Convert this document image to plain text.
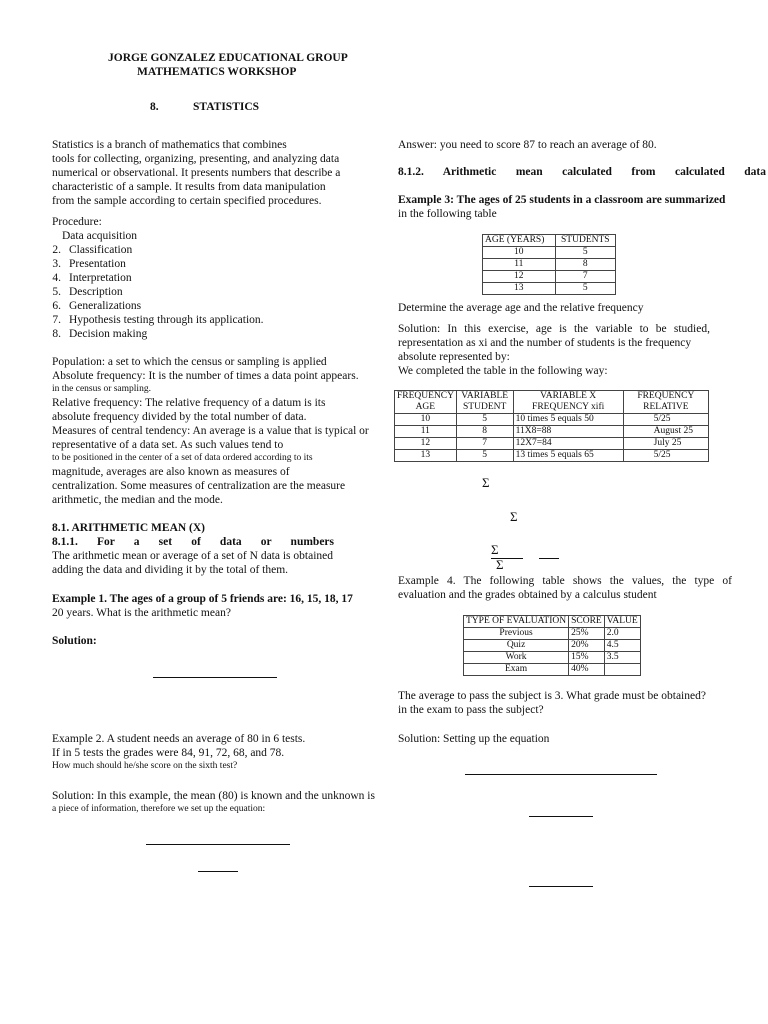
JORGE GONZALEZ EDUCATIONAL GROUP
MATHEMATICS WORKSHOP
8.	STATISTICS
Statistics is a branch of mathematics that combines
tools for collecting, organizing, presenting, and analyzing data
numerical or observational. It presents numbers that describe a
characteristic of a sample. It results from data manipulation
from the sample according to certain specified procedures.
Procedure:
Data acquisition
2. Classification
3. Presentation
4. Interpretation
5. Description
6. Generalizations
7. Hypothesis testing through its application.
8. Decision making
Population: a set to which the census or sampling is applied
Absolute frequency: It is the number of times a data point appears.
in the census or sampling.
Relative frequency: The relative frequency of a datum is its
absolute frequency divided by the total number of data.
Measures of central tendency: An average is a value that is typical or
representative of a data set. As such values tend to
to be positioned in the center of a set of data ordered according to its
magnitude, averages are also known as measures of
centralization. Some measures of centralization are the measure
arithmetic, the median and the mode.
8.1. ARITHMETIC MEAN (X)
8.1.1. For a set of data or numbers
The arithmetic mean or average of a set of N data is obtained
adding the data and dividing it by the total of them.
Example 1. The ages of a group of 5 friends are: 16, 15, 18, 17
20 years. What is the arithmetic mean?
Solution:
Example 2. A student needs an average of 80 in 6 tests.
If in 5 tests the grades were 84, 91, 72, 68, and 78.
How much should he/she score on the sixth test?
Solution: In this example, the mean (80) is known and the unknown is
a piece of information, therefore we set up the equation:
Answer: you need to score 87 to reach an average of 80.
8.1.2. Arithmetic mean calculated from calculated data
Example 3: The ages of 25 students in a classroom are summarized
in the following table
AGE (YEARS)	STUDENTS
10	5
11	8
12	7
13	5
Determine the average age and the relative frequency
Solution: In this exercise, age is the variable to be studied,
representation as xi and the number of students is the frequency
absolute represented by:
We completed the table in the following way:
FREQUENCY AGE	VARIABLE STUDENT	VARIABLE X FREQUENCY xifi	FREQUENCY RELATIVE
10	5	10 times 5 equals 50	5/25
11	8	11X8=88	August 25
12	7	12X7=84	July 25
13	5	13 times 5 equals 65	5/25
Σ
Σ
Σ
Σ
Example 4. The following table shows the values, the type of
evaluation and the grades obtained by a calculus student
TYPE OF EVALUATION	SCORE	VALUE
Previous	25%	2.0
Quiz	20%	4.5
Work	15%	3.5
Exam	40%	
The average to pass the subject is 3. What grade must be obtained?
in the exam to pass the subject?
Solution: Setting up the equation
